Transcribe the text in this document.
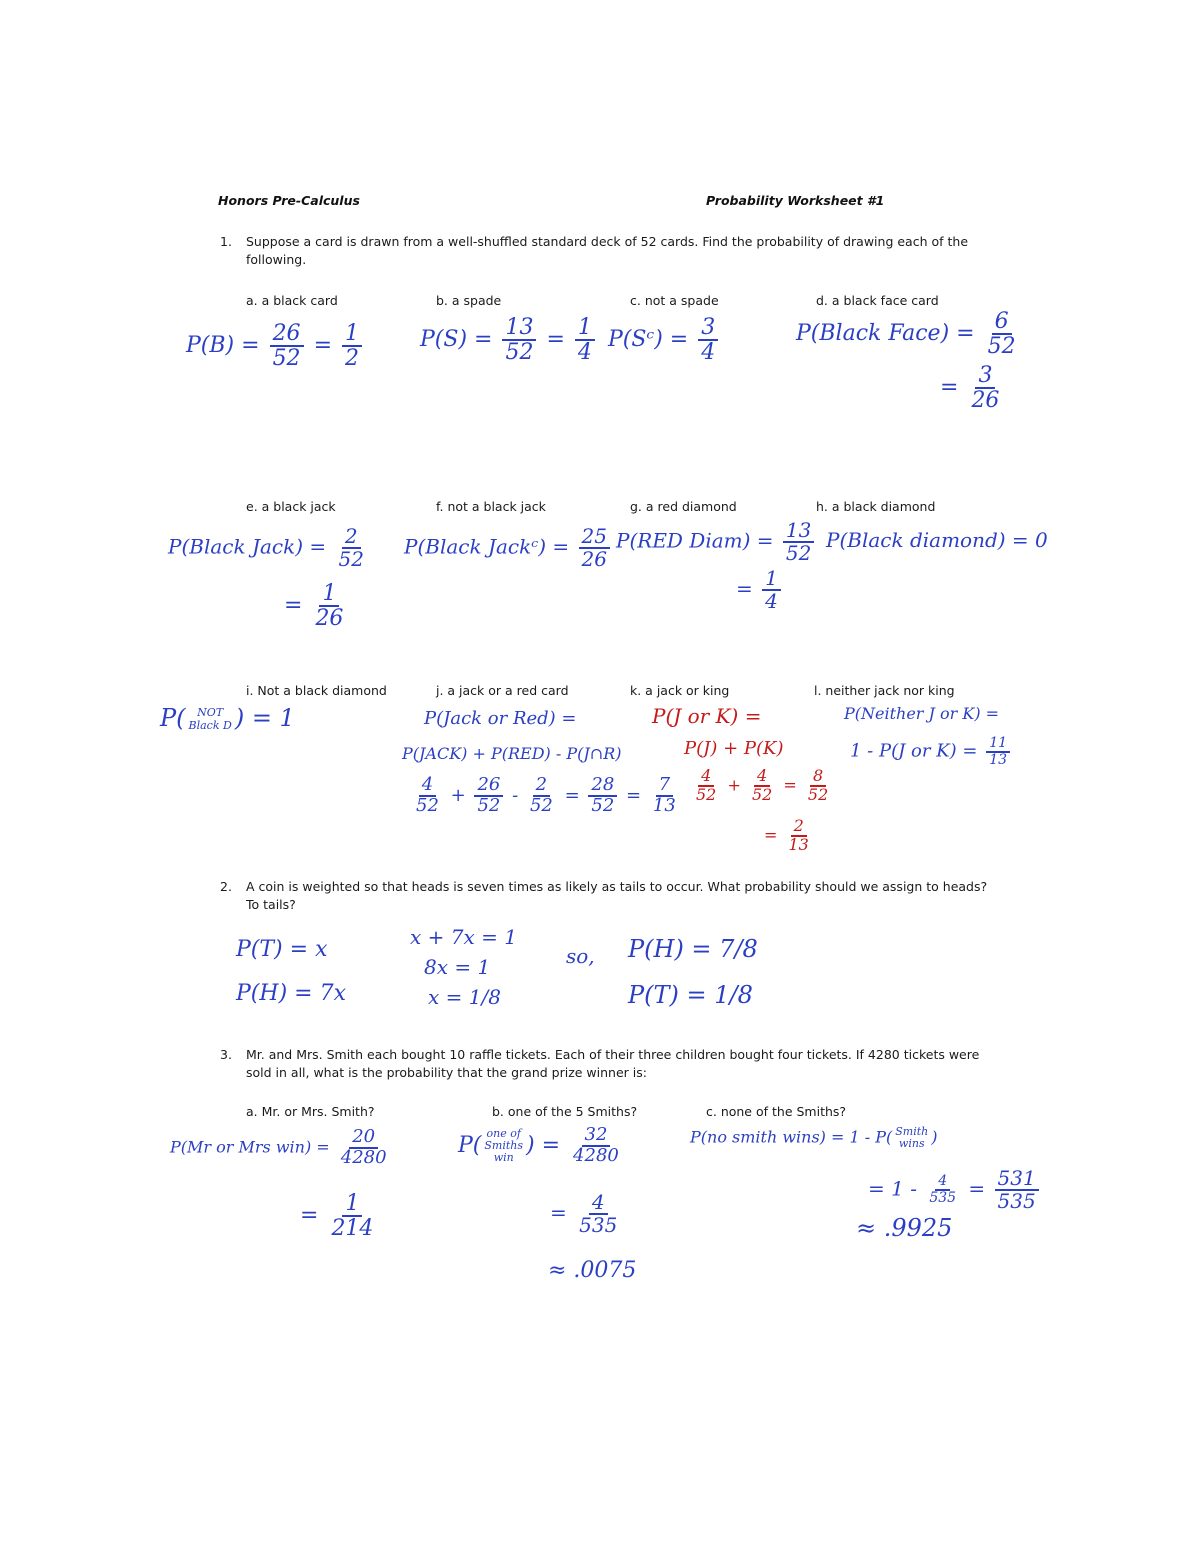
Honors Pre-Calculus	Probability Worksheet #1
1. Suppose a card is drawn from a well-shuffled standard deck of 52 cards. Find the probability of drawing each of the following.
a. a black card	b. a spade	c. not a spade	d. a black face card
$P(B) = \frac{26}{52} = \frac{1}{2}$	$P(S) = \frac{13}{52} = \frac{1}{4}$ P(Sᶜ) = $\frac{3}{4}$	P(Black Face) = $\frac{6}{52}$
= $\frac{3}{26}$
e. a black jack	f. not a black jack	g. a red diamond	h. a black diamond
P(Black Jack) = $\frac{2}{52}$
= $\frac{1}{26}$
P(Black Jackᶜ) = $\frac{25}{26} P(RED$ Diam) = $\frac{13}{52}$
= $\frac{1}{4}$
P(Black diamond) = 0
i. Not a black diamond	j. a jack or a red card	k. a jack or king	l. neither jack nor king
P( NOT
Black D ) = 1	P(Jack or Red) =
P(JACK) + P(RED) - P(J∩R)
$\frac{4}{52} + \frac{26}{52} - \frac{2}{52} = \frac{28}{52} = \frac{7}{13}$
P(J or K) =
P(J) + P(K)
$\frac{4}{52} + \frac{4}{52} = \frac{8}{52}$
= $\frac{2}{13}$
P(Neither J or K) =
1 - P(J or $K) = \frac{11}{13}$
2. A coin is weighted so that heads is seven times as likely as tails to occur. What probability should we assign to heads? To tails?
P(T) = x
P(H) = 7x
x + 7x = 1
8x = 1
x = 1/8
so, P(H) = 7/8
P(T) = 1/8
3. Mr. and Mrs. Smith each bought 10 raffle tickets. Each of their three children bought four tickets. If 4280 tickets were sold in all, what is the probability that the grand prize winner is:
a. Mr. or Mrs. Smith?	b. one of the 5 Smiths?	c. none of the Smiths?
P(Mr or Mrs $win) = \frac{20}{4280}$
= $\frac{1}{214}$
P( one of
Smiths
win ) = $\frac{32}{4280}$
= $\frac{4}{535}$
≈ .0075
P(no smith wins) = 1 - P( Smith
wins )
= $1 - \frac{4}{535} = \frac{531}{535}$
≈ .9925
